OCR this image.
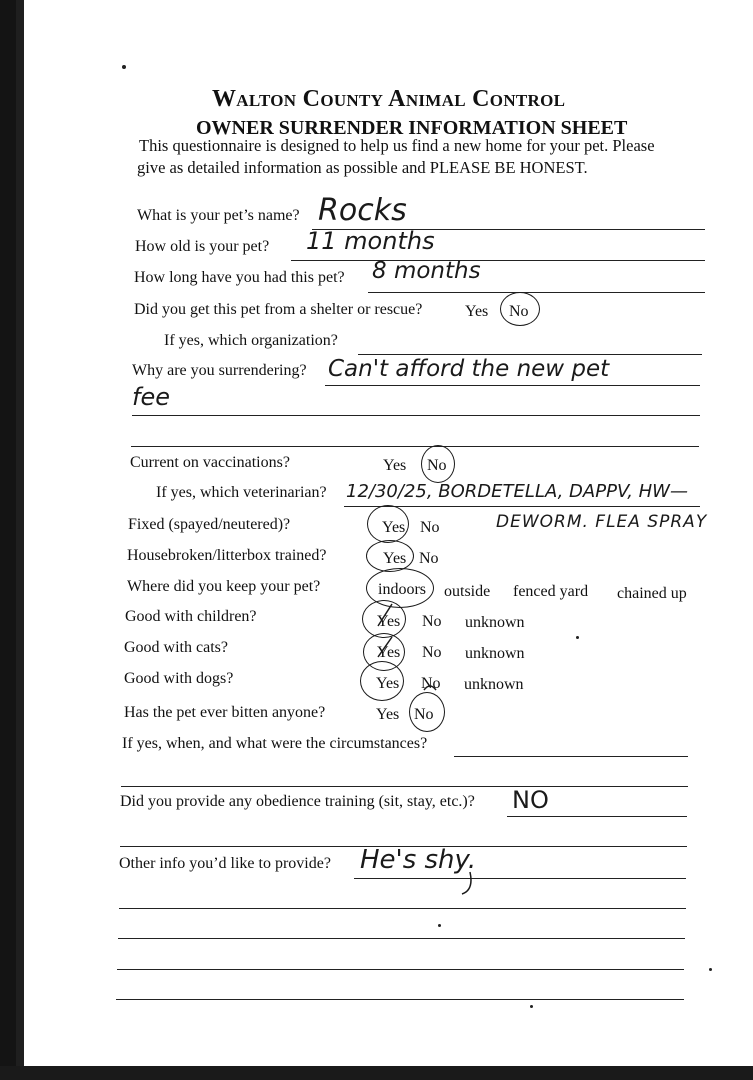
Walton County Animal Control
OWNER SURRENDER INFORMATION SHEET
This questionnaire is designed to help us find a new home for your pet. Please
give as detailed information as possible and PLEASE BE HONEST.
What is your pet’s name? Rocks
How old is your pet? 11 months
How long have you had this pet? 8 months
Did you get this pet from a shelter or rescue?	Yes No
If yes, which organization?
Why are you surrendering? Can't afford the new pet
fee
Current on vaccinations?	Yes No
If yes, which veterinarian? 12/30/25, BORDETELLA, DAPPV, HW—
DEWORM. FLEA SPRAY
Fixed (spayed/neutered)?	Yes No
Housebroken/litterbox trained?	Yes No
Where did you keep your pet?	indoors outside fenced yard chained up
Good with children?	Yes No unknown
Good with cats?	Yes No unknown
Good with dogs?	Yes No unknown
Has the pet ever bitten anyone?	Yes No
If yes, when, and what were the circumstances?
Did you provide any obedience training (sit, stay, etc.)? NO
Other info you’d like to provide? He's shy.
